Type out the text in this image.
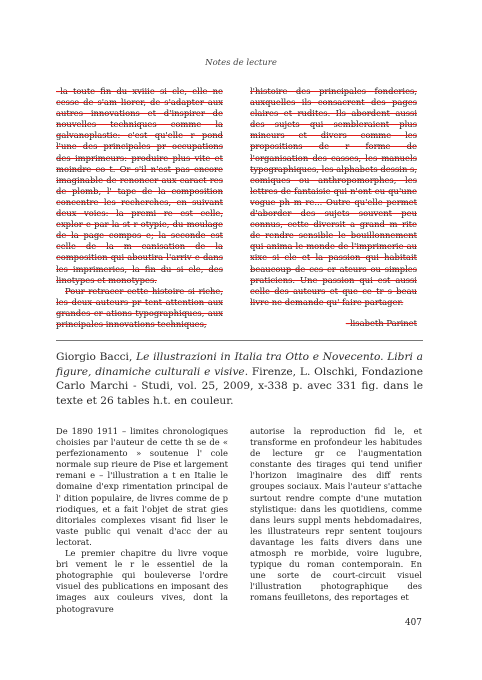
Notes de lecture

–la toute fin du xviiie si cle, elle ne cesse de s'am liorer, de s'adapter aux autres innovations et d'inspirer de nouvelles techniques comme la galvanoplastie: c'est qu'elle r pond l'une des principales pr occupations des imprimeurs: produire plus vite et moindre co t. Or s'il n'est pas encore imaginable de renoncer aux caract res de plomb, l' tape de la composition concentre les recherches, en suivant deux voies: la premi re est celle, explor e par la st r otypie, du moulage de la page compos e; la seconde est celle de la m canisation de la composition qui aboutira l'arriv e dans les imprimeries, la fin du si cle, des linotypes et monotypes.

Pour retracer cette histoire si riche, les deux auteurs pr tent attention aux grandes cr ations typographiques, aux principales innovations techniques,

l'histoire des principales fonderies, auxquelles ils consacrent des pages claires et rudites. Ils abordent aussi des sujets qui sembleraient plus mineurs et divers comme les propositions de r forme de l'organisation des casses, les manuels typographiques, les alphabets dessin s, comiques ou anthropomorphes, les lettres de fantaisie qui n'ont eu qu'une vogue ph m re... Outre qu'elle permet d'aborder des sujets souvent peu connus, cette diversit a grand m rite de rendre sensible le bouillonnement qui anima le monde de l'imprimerie au xixe si cle et la passion qui habitait beaucoup de ces cr ateurs ou simples praticiens. Une passion qui est aussi celle des auteurs et que ce tr s beau livre ne demande qu' faire partager.

–lisabeth Parinet

Giorgio Bacci, Le illustrazioni in Italia tra Otto e Novecento. Libri a figure, dinamiche culturali e visive. Firenze, L. Olschki, Fondazione Carlo Marchi - Studi, vol. 25, 2009, x-338 p. avec 331 fig. dans le texte et 26 tables h.t. en couleur.

De 1890 1911 – limites chronologiques choisies par l'auteur de cette th se de « perfezionamento » soutenue l' cole normale sup rieure de Pise et largement remani e – l'illustration a t en Italie le domaine d'exp rimentation principal de l' dition populaire, de livres comme de p riodiques, et a fait l'objet de strat gies ditoriales complexes visant fid liser le vaste public qui venait d'acc der au lectorat.

Le premier chapitre du livre voque bri vement le r le essentiel de la photographie qui bouleverse l'ordre visuel des publications en imposant des images aux couleurs vives, dont la photogravure

autorise la reproduction fid le, et transforme en profondeur les habitudes de lecture gr ce l'augmentation constante des tirages qui tend unifier l'horizon imaginaire des diff rents groupes sociaux. Mais l'auteur s'attache surtout rendre compte d'une mutation stylistique: dans les quotidiens, comme dans leurs suppl ments hebdomadaires, les illustrateurs repr sentent toujours davantage les faits divers dans une atmosph re morbide, voire lugubre, typique du roman contemporain. En une sorte de court-circuit visuel l'illustration photographique des romans feuilletons, des reportages et

407
